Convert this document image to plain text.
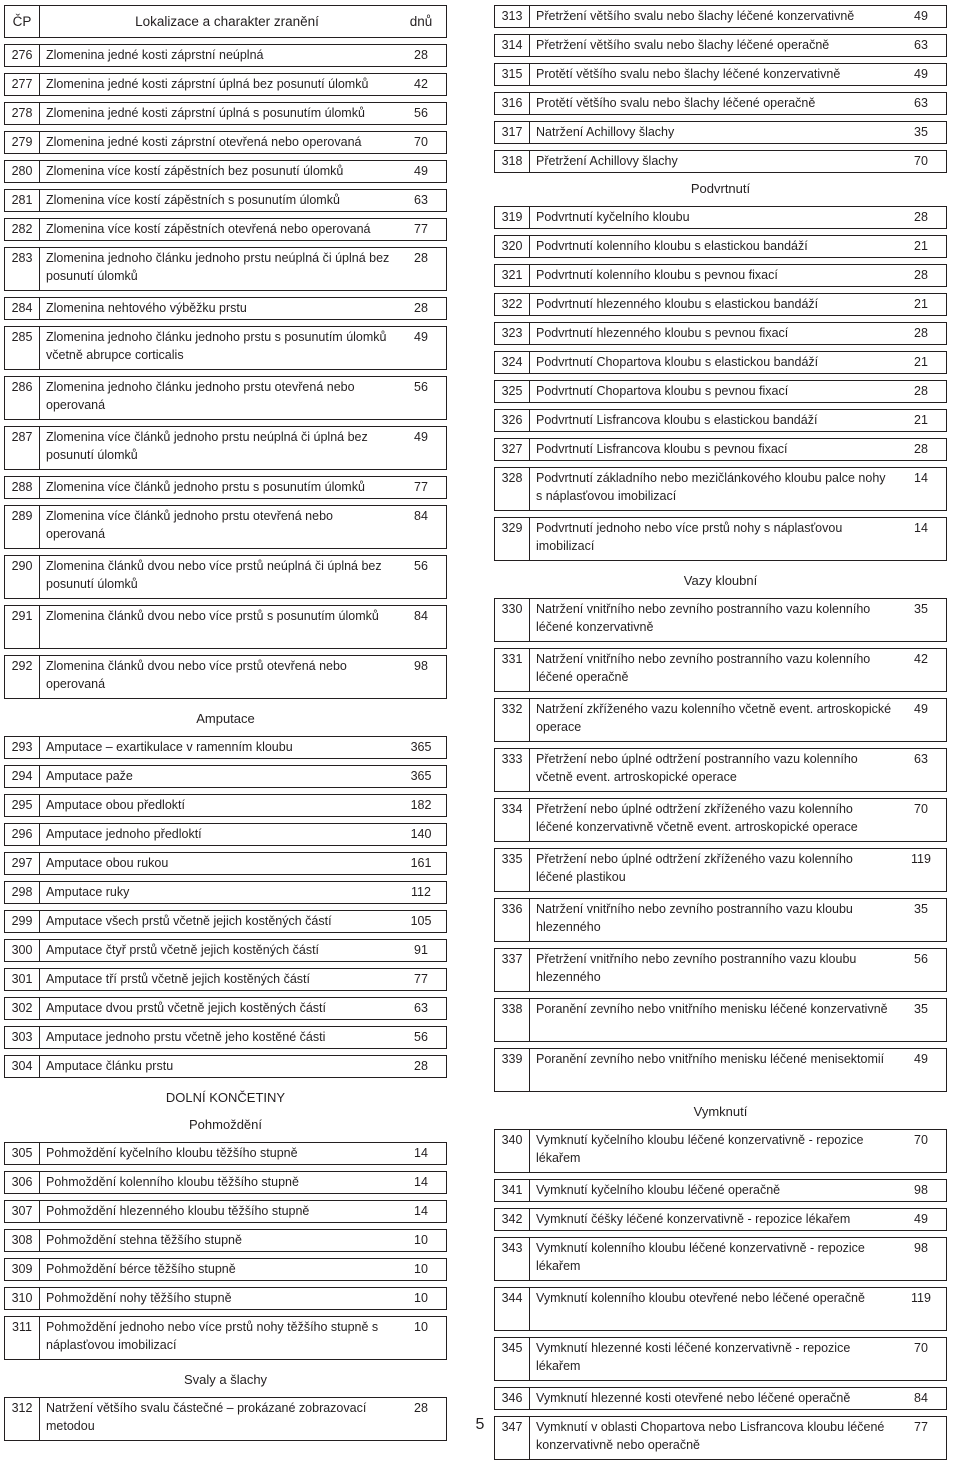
ČP	Lokalizace a charakter zranění	dnů

276	Zlomenina jedné kosti záprstní neúplná	28

277	Zlomenina jedné kosti záprstní úplná bez posunutí úlomků	42

278	Zlomenina jedné kosti záprstní úplná s posunutím úlomků	56

279	Zlomenina jedné kosti záprstní otevřená nebo operovaná	70

280	Zlomenina více kostí zápěstních bez posunutí úlomků	49

281	Zlomenina více kostí zápěstních s posunutím úlomků	63

282	Zlomenina více kostí zápěstních otevřená nebo operovaná	77

283	Zlomenina jednoho článku jednoho prstu neúplná či úplná bez posunutí úlomků	28

284	Zlomenina nehtového výběžku prstu	28

285	Zlomenina jednoho článku jednoho prstu s posunutím úlomků včetně abrupce corticalis	49

286	Zlomenina jednoho článku jednoho prstu otevřená nebo operovaná	56

287	Zlomenina více článků jednoho prstu neúplná či úplná bez posunutí úlomků	49

288	Zlomenina více článků jednoho prstu s posunutím úlomků	77

289	Zlomenina více článků jednoho prstu otevřená nebo operovaná	84

290	Zlomenina článků dvou nebo více prstů neúplná či úplná bez posunutí úlomků	56

291	Zlomenina článků dvou nebo více prstů s posunutím úlomků	84

292	Zlomenina článků dvou nebo více prstů otevřená nebo operovaná	98
Amputace		

293	Amputace – exartikulace v ramenním kloubu	365

294	Amputace paže	365

295	Amputace obou předloktí	182

296	Amputace jednoho předloktí	140

297	Amputace obou rukou	161

298	Amputace ruky	112

299	Amputace všech prstů včetně jejich kostěných částí	105

300	Amputace čtyř prstů včetně jejich kostěných částí	91

301	Amputace tří prstů včetně jejich kostěných částí	77

302	Amputace dvou prstů včetně jejich kostěných částí	63

303	Amputace jednoho prstu včetně jeho kostěné části	56

304	Amputace článku prstu	28
DOLNÍ KONČETINY		
Pohmoždění		

305	Pohmoždění kyčelního kloubu těžšího stupně	14

306	Pohmoždění kolenního kloubu těžšího stupně	14

307	Pohmoždění hlezenného kloubu těžšího stupně	14

308	Pohmoždění stehna těžšího stupně	10

309	Pohmoždění bérce těžšího stupně	10

310	Pohmoždění nohy těžšího stupně	10

311	Pohmoždění jednoho nebo více prstů nohy těžšího stupně s náplasťovou imobilizací	10
Svaly a šlachy		

312	Natržení většího svalu částečné – prokázané zobrazovací metodou	28
313	Přetržení většího svalu nebo šlachy léčené konzervativně	49

314	Přetržení většího svalu nebo šlachy léčené operačně	63

315	Protětí většího svalu nebo šlachy léčené konzervativně	49

316	Protětí většího svalu nebo šlachy léčené operačně	63

317	Natržení Achillovy šlachy	35

318	Přetržení Achillovy šlachy	70
Podvrtnutí		

319	Podvrtnutí kyčelního kloubu	28

320	Podvrtnutí kolenního kloubu s elastickou bandáží	21

321	Podvrtnutí kolenního kloubu s pevnou fixací	28

322	Podvrtnutí hlezenného kloubu s elastickou bandáží	21

323	Podvrtnutí hlezenného kloubu s pevnou fixací	28

324	Podvrtnutí Chopartova kloubu s elastickou bandáží	21

325	Podvrtnutí Chopartova kloubu s pevnou fixací	28

326	Podvrtnutí Lisfrancova kloubu s elastickou bandáží	21

327	Podvrtnutí Lisfrancova kloubu s pevnou fixací	28

328	Podvrtnutí základního nebo mezičlánkového kloubu palce nohy s náplasťovou imobilizací	14

329	Podvrtnutí jednoho nebo více prstů nohy s náplasťovou imobilizací	14
Vazy kloubní		

330	Natržení vnitřního nebo zevního postranního vazu kolenního léčené konzervativně	35

331	Natržení vnitřního nebo zevního postranního vazu kolenního léčené operačně	42

332	Natržení zkříženého vazu kolenního včetně event. artroskopické operace	49

333	Přetržení nebo úplné odtržení postranního vazu kolenního včetně event. artroskopické operace	63

334	Přetržení nebo úplné odtržení zkříženého vazu kolenního léčené konzervativně včetně event. artroskopické operace	70

335	Přetržení nebo úplné odtržení zkříženého vazu kolenního léčené plastikou	119

336	Natržení vnitřního nebo zevního postranního vazu kloubu hlezenného	35

337	Přetržení vnitřního nebo zevního postranního vazu kloubu hlezenného	56

338	Poranění zevního nebo vnitřního menisku léčené konzervativně	35

339	Poranění zevního nebo vnitřního menisku léčené menisektomií	49
Vymknutí		

340	Vymknutí kyčelního kloubu léčené konzervativně - repozice lékařem	70

341	Vymknutí kyčelního kloubu léčené operačně	98

342	Vymknutí čéšky léčené konzervativně - repozice lékařem	49

343	Vymknutí kolenního kloubu léčené konzervativně - repozice lékařem	98

344	Vymknutí kolenního kloubu otevřené nebo léčené operačně	119

345	Vymknutí hlezenné kosti léčené konzervativně - repozice lékařem	70

346	Vymknutí hlezenné kosti otevřené nebo léčené operačně	84

347	Vymknutí v oblasti Chopartova nebo Lisfrancova kloubu léčené konzervativně nebo operačně	77
5
